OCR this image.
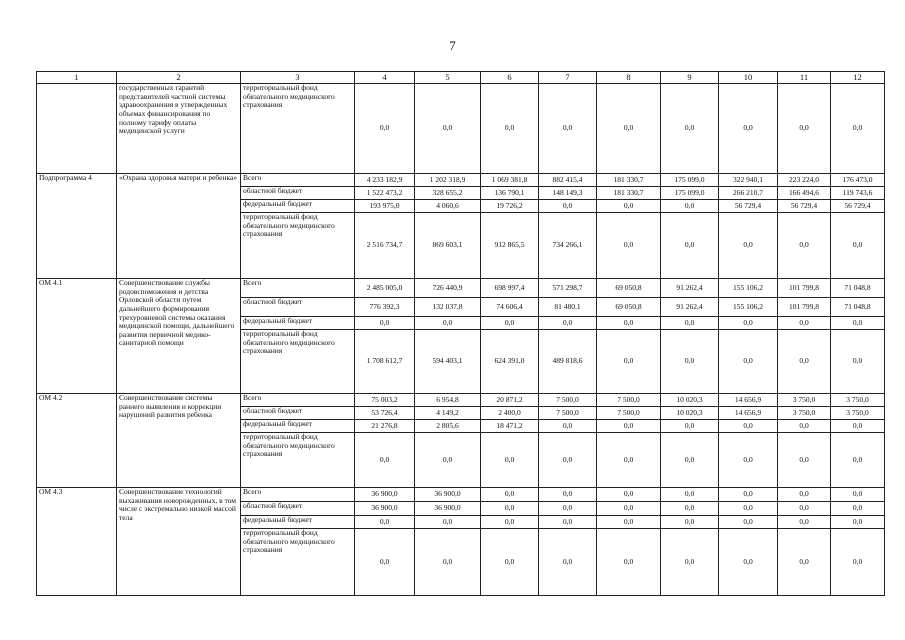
7
1	2	3	4	5	6	7	8	9	10	11	12
	государственных гарантий представителей частной системы здравоохранения в утвержденных объемах финансирования по полному тарифу оплаты медицинской услуги	территориальный фонд обязательного медицинского страхования	0,0	0,0	0,0	0,0	0,0	0,0	0,0	0,0	0,0
Подпрограмма 4	«Охрана здоровья матери и ребенка»	Всего	4 233 182,9	1 202 318,9	1 069 381,8	882 415,4	181 330,7	175 099,0	322 940,1	223 224,0	176 473,0
		областной бюджет	1 522 473,2	328 655,2	136 790,1	148 149,3	181 330,7	175 099,0	266 210,7	166 494,6	119 743,6
		федеральный бюджет	193 975,0	4 060,6	19 726,2	0,0	0,0	0,0	56 729,4	56 729,4	56 729,4
		территориальный фонд обязательного медицинского страхования	2 516 734,7	869 603,1	912 865,5	734 266,1	0,0	0,0	0,0	0,0	0,0
ОМ 4.1	Совершенствование службы родовспоможения и детства Орловской области путем дальнейшего формирования трехуровневой системы оказания медицинской помощи, дальнейшего развития первичной медико-санитарной помощи	Всего	2 485 005,0	726 440,9	698 997,4	571 298,7	69 050,8	91 262,4	155 106,2	101 799,8	71 048,8
		областной бюджет	776 392,3	132 037,8	74 606,4	81 480,1	69 050,8	91 262,4	155 106,2	101 799,8	71 048,8
		федеральный бюджет	0,0	0,0	0,0	0,0	0,0	0,0	0,0	0,0	0,0
		территориальный фонд обязательного медицинского страхования	1 708 612,7	594 403,1	624 391,0	489 818,6	0,0	0,0	0,0	0,0	0,0
ОМ 4.2	Совершенствование системы раннего выявления и коррекции нарушений развития ребенка	Всего	75 003,2	6 954,8	20 871,2	7 500,0	7 500,0	10 020,3	14 656,9	3 750,0	3 750,0
		областной бюджет	53 726,4	4 149,2	2 400,0	7 500,0	7 500,0	10 020,3	14 656,9	3 750,0	3 750,0
		федеральный бюджет	21 276,8	2 805,6	18 471,2	0,0	0,0	0,0	0,0	0,0	0,0
		территориальный фонд обязательного медицинского страхования	0,0	0,0	0,0	0,0	0,0	0,0	0,0	0,0	0,0
ОМ 4.3	Совершенствование технологий выхаживания новорожденных, в том числе с экстремально низкой массой тела	Всего	36 900,0	36 900,0	0,0	0,0	0,0	0,0	0,0	0,0	0,0
		областной бюджет	36 900,0	36 900,0	0,0	0,0	0,0	0,0	0,0	0,0	0,0
		федеральный бюджет	0,0	0,0	0,0	0,0	0,0	0,0	0,0	0,0	0,0
		территориальный фонд обязательного медицинского страхования	0,0	0,0	0,0	0,0	0,0	0,0	0,0	0,0	0,0
